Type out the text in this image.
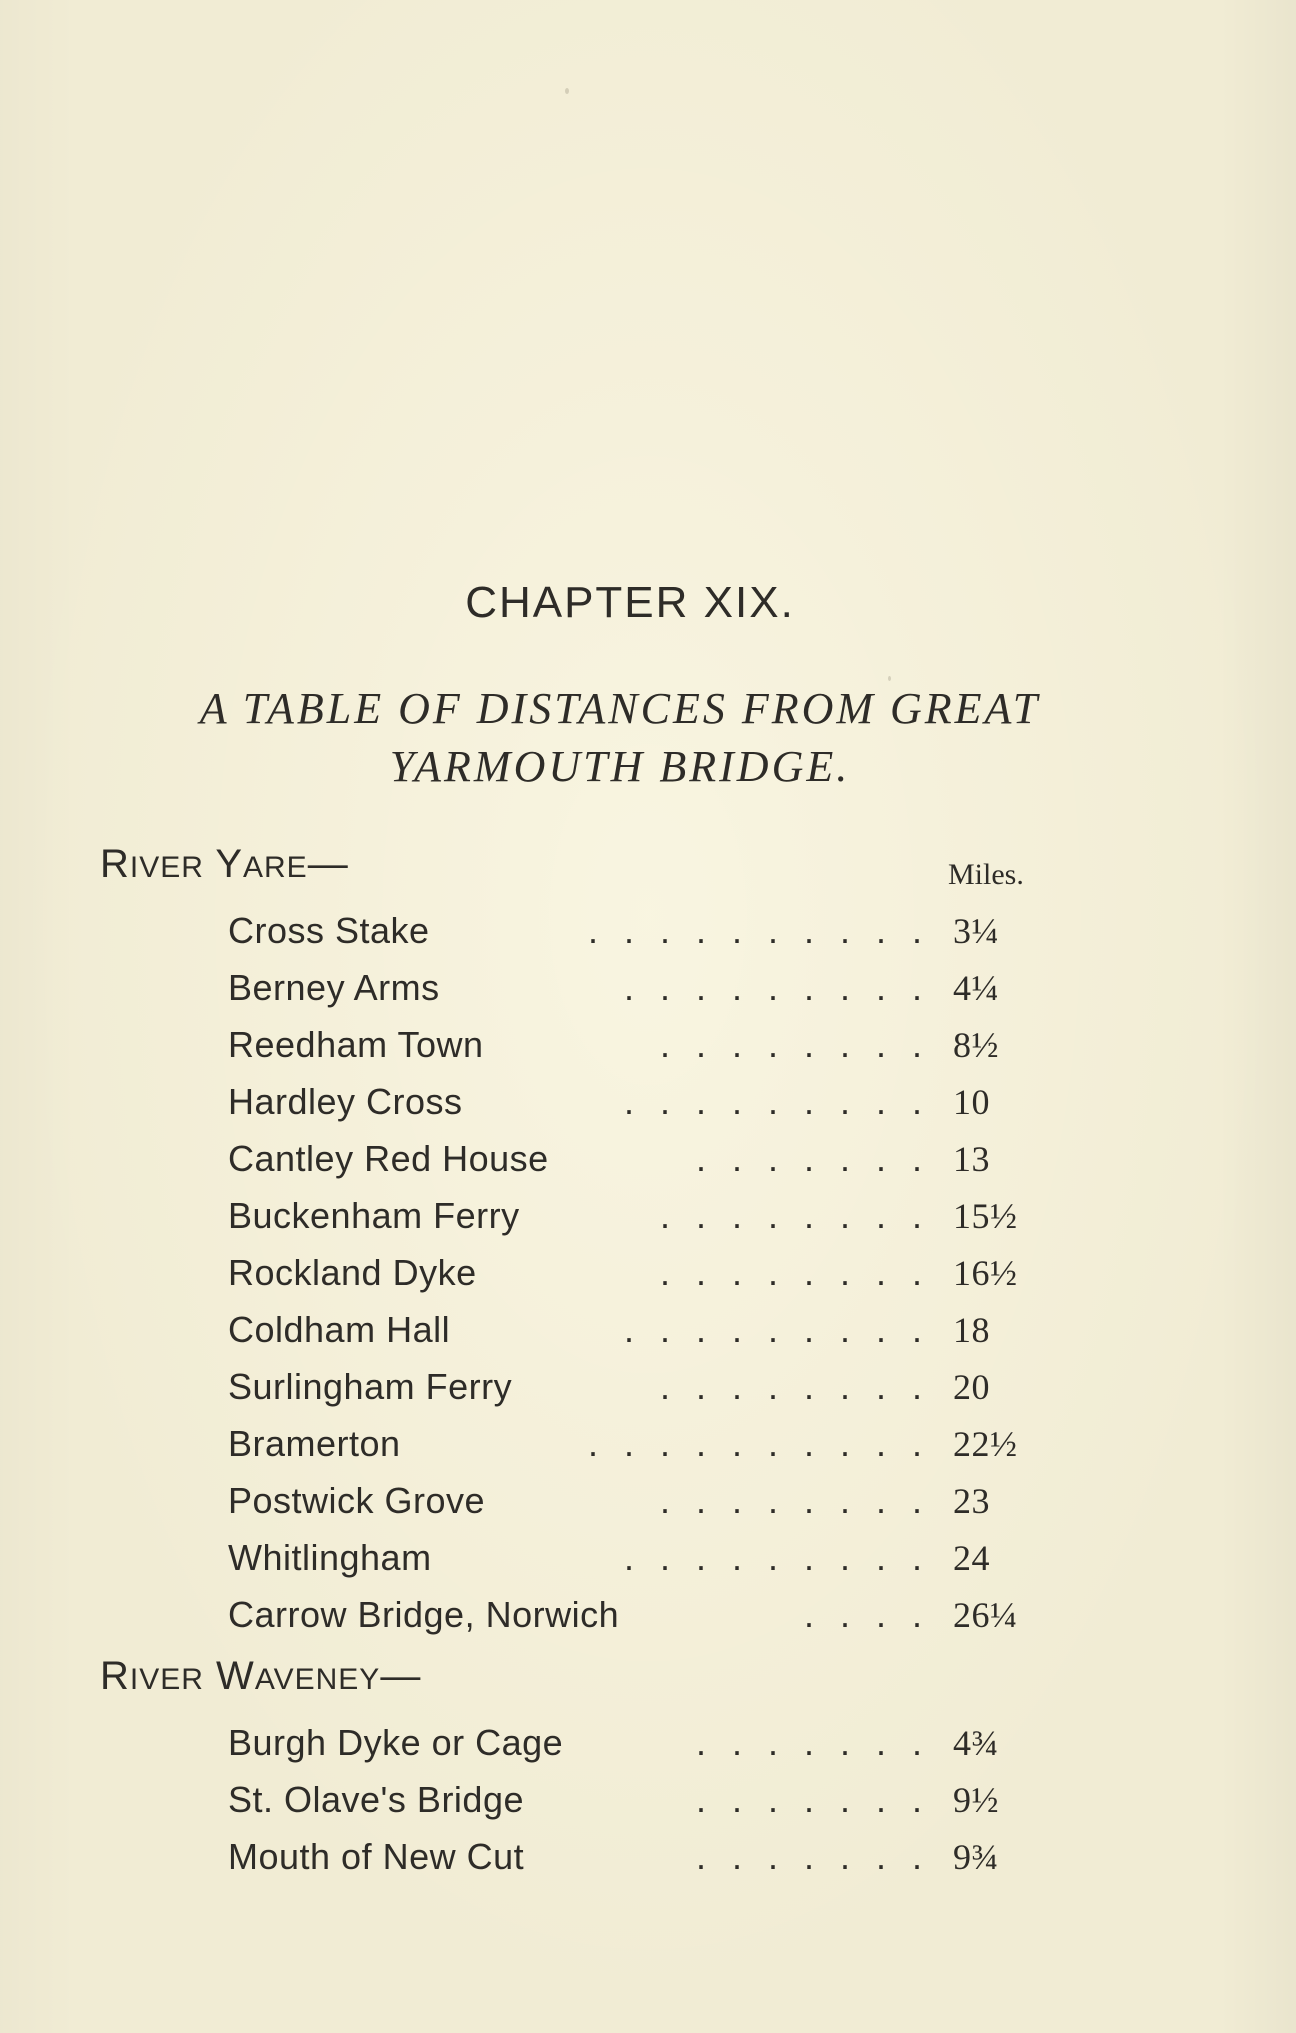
CHAPTER XIX.
A TABLE OF DISTANCES FROM GREAT
YARMOUTH BRIDGE.
RIVER YARE—	Miles.
Cross Stake	. . . . . . . . . . 3¼
Berney Arms	. . . . . . . . . 4¼
Reedham Town	. . . . . . . . 8½
Hardley Cross	. . . . . . . . . 10
Cantley Red House	. . . . . . . 13
Buckenham Ferry	. . . . . . . . 15½
Rockland Dyke	. . . . . . . . 16½
Coldham Hall	. . . . . . . . . 18
Surlingham Ferry	. . . . . . . . 20
Bramerton	. . . . . . . . . . 22½
Postwick Grove	. . . . . . . . 23
Whitlingham	. . . . . . . . . 24
Carrow Bridge, Norwich	. . . . 26¼
RIVER WAVENEY—
Burgh Dyke or Cage	. . . . . . . 4¾
St. Olave's Bridge	. . . . . . . 9½
Mouth of New Cut	. . . . . . . 9¾
